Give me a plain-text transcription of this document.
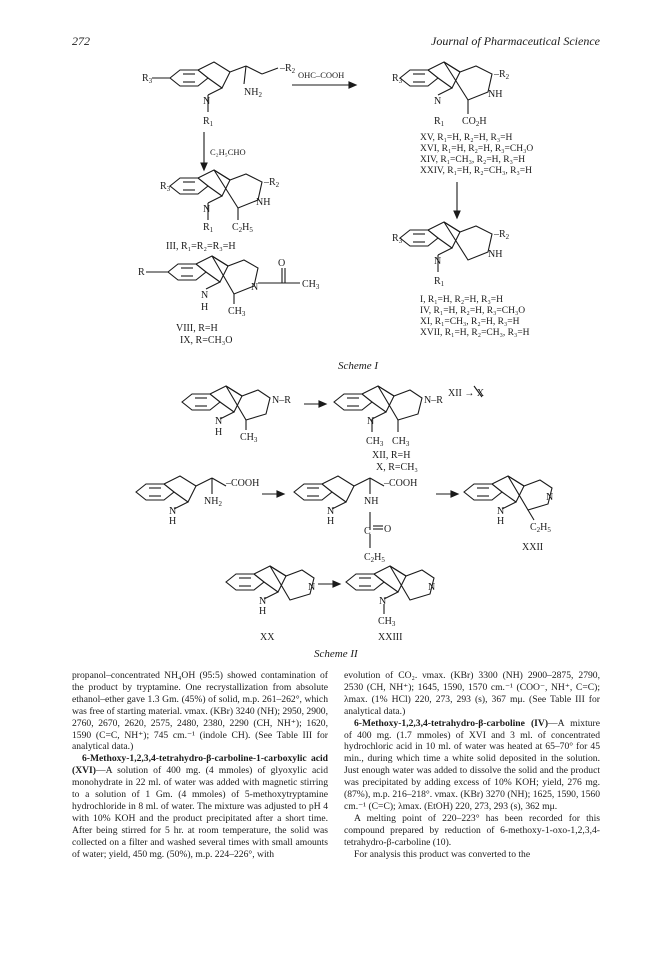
272	Journal of Pharmaceutical Science
$R_3$
$-R_2$
$NH_2$
N
$R_1$
OHC–COOH	$R_3$
$-R_2$
NH
N
$R_1$ $CO_2H$
XV, R₁=H, R₂=H, R₃=H
XVI, R₁=H, R₂=H, R₃=CH₃O
XIV, R₁=CH₃, R₂=H, R₃=H
XXIV, R₁=H, R₂=CH₃, R₃=H
C₂H₅CHO
$R_3$
$-R_2$
NH
N
$R_1$ $C_2H_5$
III, R₁=R₂=R₃=H
$R_3$
$-R_2$
NH
N
$R_1$
I, R₁=H, R₂=H, R₃=H
IV, R₁=H, R₂=H, R₃=CH₃O
XI, R₁=CH₃, R₂=H, R₃=H
XVII, R₁=H, R₂=CH₃, R₃=H
R
O
N	$CH_3$
N
H $CH_3$
VIII, R=H
IX, R=CH₃O
Scheme I
N–R
N
H $CH_3$
N–R
N
$CH_3$ $CH_3$
XII, R=H
X, R=CH₃
XII → X
–COOH
$NH_2$
N
H
–COOH
NH
N
H
C O
$C_2H_5$
N
N
H
$C_2H_5$
XXII
N
N
H
N
N
$CH_3$
XX	XXIII
Scheme II

propanol–concentrated NH₄OH (95:5) showed contamination of the product by tryptamine. One recrystallization from absolute ethanol–ether gave 1.3 Gm. (45%) of solid, m.p. 261–262°, which was free of starting material. νmax. (KBr) 3240 (NH); 2950, 2900, 2760, 2670, 2620, 2575, 2480, 2380, 2290 (CH, NH⁺); 1620, 1590 (C=C, NH⁺); 745 cm.⁻¹ (indole CH). (See Table III for analytical data.)

6-Methoxy-1,2,3,4-tetrahydro-β-carboline-1-carboxylic acid (XVI)—A solution of 400 mg. (4 mmoles) of glyoxylic acid monohydrate in 22 ml. of water was added with magnetic stirring to a solution of 1 Gm. (4 mmoles) of 5-methoxytryptamine hydrochloride in 8 ml. of water. The mixture was adjusted to pH 4 with 10% KOH and the product precipitated after a short time. After being stirred for 5 hr. at room temperature, the solid was collected on a filter and washed several times with small amounts of water; yield, 450 mg. (50%), m.p. 224–226°, with

evolution of CO₂. νmax. (KBr) 3300 (NH) 2900–2875, 2790, 2530 (CH, NH⁺); 1645, 1590, 1570 cm.⁻¹ (COO⁻, NH⁺, C=C); λmax. (1% HCl) 220, 273, 293 (s), 367 mμ. (See Table III for analytical data.)

6-Methoxy-1,2,3,4-tetrahydro-β-carboline (IV)—A mixture of 400 mg. (1.7 mmoles) of XVI and 3 ml. of concentrated hydrochloric acid in 10 ml. of water was heated at 65–70° for 45 min., during which time a white solid deposited in the solution. Just enough water was added to dissolve the solid and the product was precipitated by adding excess of 10% KOH; yield, 276 mg. (87%), m.p. 216–218°. νmax. (KBr) 3270 (NH); 1625, 1590, 1560 cm.⁻¹ (C=C); λmax. (EtOH) 220, 273, 293 (s), 362 mμ.

A melting point of 220–223° has been recorded for this compound prepared by reduction of 6-methoxy-1-oxo-1,2,3,4-tetrahydro-β-carboline (10).

For analysis this product was converted to the
